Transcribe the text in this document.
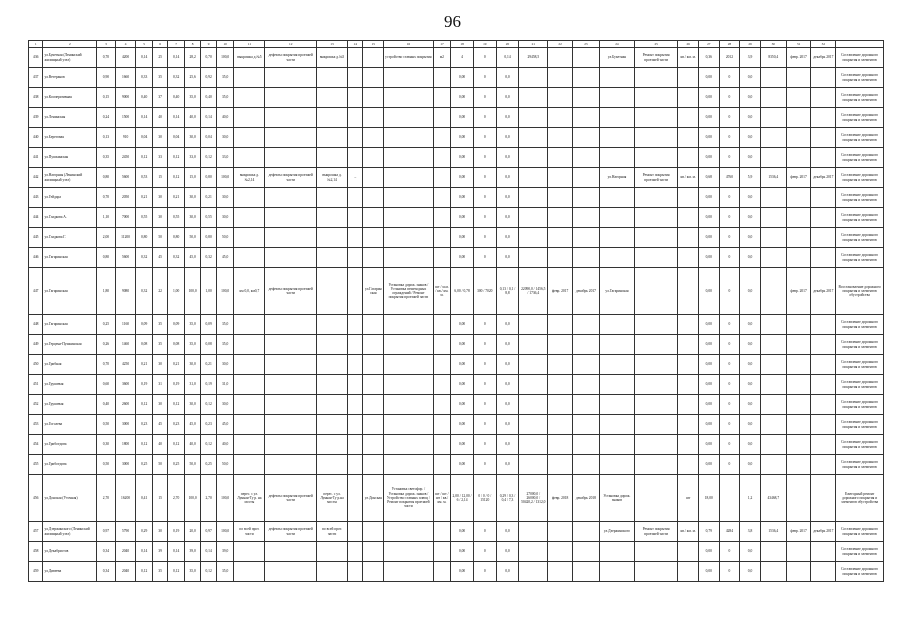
96
1	2	3	4	5	6	7	8	9	10	11	12	13	14	15	16	17	18	19	20	21	22	23	24	25	26	27	28	29	30	31	32	
436	ул.Букетная (Ленинский жилищный узел)	0,70	4200	0,14	25	0,14	28,2	0,70	100,0	выкрошка д.№5	дефекты покрытия проезжей части	выкрошка д.№5			устройство ставных покрытия	м2	4	0	0,14	29458,5			ул.Букетная	Ремонт покрытия проезжей части	кв./ км. м.	0,36	2012	3,9	8350,4	февр. 2017	декабрь 2017	Составление дорожного покрытия и элементов
437	ул.Ветеранов	0,90	1660	0,33	35	0,32	25,6	0,92	35,0								0,00	0	0,0							0,00	0	0,0				Составление дорожного покрытия и элементов
438	ул.Кооперативная	0,15	9000	0,40	37	0,40	35,0	0,40	35,0								0,00	0	0,0							0,00	0	0,0				Составление дорожного покрытия и элементов
439	ул.Ленинская	0,24	1500	0,14	40	0,14	40,0	0,14	40,0								0,00	0	0,0							0,00	0	0,0				Составление дорожного покрытия и элементов
440	ул.Береговая	0,13	910	0,04	30	0,04	30,0	0,04	30,0								0,00	0	0,0							0,00	0	0,0				Составление дорожного покрытия и элементов
441	ул.Пушкинская	0,35	2450	0,12	33	0,12	33,0	0,12	33,0								0,00	0	0,0							0,00	0	0,0				Составление дорожного покрытия и элементов
442	ул.Нагорная (Ленинский жилищный узел)	0,80	5600	0,53	15	0,12	15,0	0,80	100,0	выкрошка д.№2,14	дефекты покрытия проезжей части	выкрошка д.№2,14	–				0,00	0	0,0				ул.Нагорная	Ремонт покрытия проезжей части	кв./ км. м.	0,68	4760	5,9	1536,4	февр. 2017	декабрь 2017	Составление дорожного покрытия и элементов
443	ул.Гейдара	0,70	2050	0,21	30	0,21	30,0	0,21	30,0								0,00	0	0,0							0,00	0	0,0				Составление дорожного покрытия и элементов
444	ул.Гладкова А.	1,10	7000	0,55	30	0,55	30,0	0,55	30,0								0,00	0	0,0							0,00	0	0,0				Составление дорожного покрытия и элементов
445	ул.Гладкова Г.	2,00	11200	0,80	50	0,80	50,0	0,80	50,0								0,00	0	0,0							0,00	0	0,0				Составление дорожного покрытия и элементов
446	ул.Гагаринская	0,80	5600	0,32	45	0,32	45,0	0,32	45,0								0,00	0	0,0							0,00	0	0,0				Составление дорожного покрытия и элементов
447	ул.Гагаринская	1,80	9080	0,32	22	1,00	100,0	1,00	100,0	км 0,0, км0,7	дефекты покрытия проезжей части			ул.Гагаринская	Установка дорож. знаков / Установка пешеходных ограждений / Ремонт покрытия проезжей части	шт / м.м. / кв./ км. м.	6,00 / 0,78	300 / 7020	0,13 / 0,1 / 8,8	22090,0 / 1456,5 / 1736,4	февр. 2017	декабрь 2017	ул.Гагаринская			0,00	0	0,0		февр. 2017	декабрь 2017	Восстановление дорожного покрытия и элементов обустройства
448	ул.Гагаринская	0,25	1160	0,09	35	0,09	35,0	0,09	35,0								0,00	0	0,0							0,00	0	0,0				Составление дорожного покрытия и элементов
449	ул.Герцена-Пушкинская	0,26	1460	0,08	35	0,08	35,0	0,08	35,0								0,00	0	0,0							0,00	0	0,0				Составление дорожного покрытия и элементов
450	ул.Грибная	0,70	4250	0,21	30	0,21	30,0	0,21	30,0								0,00	0	0,0							0,00	0	0,0				Составление дорожного покрытия и элементов
451	ул.Грушевая	0,60	3600	0,19	31	0,19	31,0	0,19	31,0								0,00	0	0,0							0,00	0	0,0				Составление дорожного покрытия и элементов
452	ул.Грушевая	0,40	2600	0,12	30	0,12	30,0	0,12	30,0								0,00	0	0,0							0,00	0	0,0				Составление дорожного покрытия и элементов
453	ул.Гоголева	0,50	3000	0,23	45	0,23	45,0	0,23	45,0								0,00	0	0,0							0,00	0	0,0				Составление дорожного покрытия и элементов
454	ул.Грибоедова	0,30	1800	0,12	40	0,12	40,0	0,12	40,0								0,00	0	0,0							0,00	0	0,0				Составление дорожного покрытия и элементов
455	ул.Грибоедова	0,50	3000	0,25	50	0,25	50,0	0,25	50,0								0,00	0	0,0							0,00	0	0,0				Составление дорожного покрытия и элементов
456	ул.Донская (Уточная)	2,70	16200	0,41	15	2,70	100,0	2,70	100,0	перес. с ул. Лунная-Ту р. на мосты	дефекты покрытия проезжей части	перес. с ул. Лунная-Ту р.на мосты		ул.Донская	Установка светофор. / Установка дорож. знаков / Устройство ставных плющ / Ремонт покрытия проезжей части	шт / шт / шт / кв./ км. м.	2,00 / 12,00 / 6 / 2,14	0 / 0 / 0 / 15120	0,29 / 0,3 / 0,4 / 7,3	27000,0 / 26000,0 / 50420,2 / 1312,0	февр. 2018	декабрь 2018	Установка дорож. знаков		шт	18,00		1,2	43468,7			Ежегодный ремонт дорожного покрытия и элементов обустройства
457	ул.Дзержинского (Ленинский жилищный узел)	0,97	5790	0,29	30	0,19	20,0	0,97	100,0	по всей прот. части	дефекты покрытия проезжей части	по всей прот. части					0,00	0	0,0				ул.Дзержинского	Ремонт покрытия проезжей части	кв./ км. м.	0,79	4284	3,8	1536,4	февр. 2017	декабрь 2017	Составление дорожного покрытия и элементов
458	ул.Декабристов	0,34	2040	0,14	39	0,14	39,0	0,14	39,0								0,00	0	0,0							0,00	0	0,0				Составление дорожного покрытия и элементов
459	ул.Дивеева	0,34	2040	0,12	35	0,12	35,0	0,12	35,0								0,00	0	0,0							0,00	0	0,0				Составление дорожного покрытия и элементов
